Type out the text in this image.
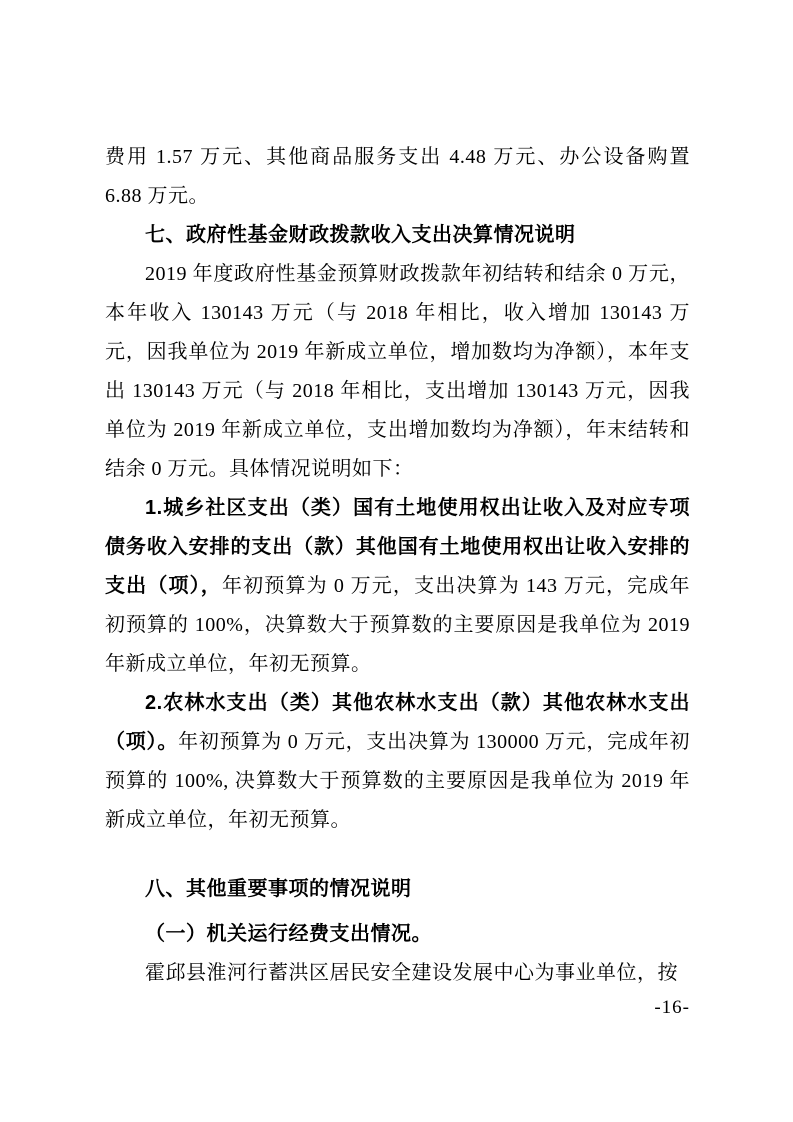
费用 1.57 万元、其他商品服务支出 4.48 万元、办公设备购置 6.88 万元。

七、政府性基金财政拨款收入支出决算情况说明

2019 年度政府性基金预算财政拨款年初结转和结余 0 万元，本年收入 130143 万元（与 2018 年相比，收入增加 130143 万元，因我单位为 2019 年新成立单位，增加数均为净额），本年支出 130143 万元（与 2018 年相比，支出增加 130143 万元，因我单位为 2019 年新成立单位，支出增加数均为净额），年末结转和结余 0 万元。具体情况说明如下：

1.城乡社区支出（类）国有土地使用权出让收入及对应专项债务收入安排的支出（款）其他国有土地使用权出让收入安排的支出（项），年初预算为 0 万元，支出决算为 143 万元，完成年初预算的 100%，决算数大于预算数的主要原因是我单位为 2019 年新成立单位，年初无预算。

2.农林水支出（类）其他农林水支出（款）其他农林水支出（项）。年初预算为 0 万元，支出决算为 130000 万元，完成年初预算的 100%, 决算数大于预算数的主要原因是我单位为 2019 年新成立单位，年初无预算。

八、其他重要事项的情况说明
（一）机关运行经费支出情况。

霍邱县淮河行蓄洪区居民安全建设发展中心为事业单位，按

-16-
